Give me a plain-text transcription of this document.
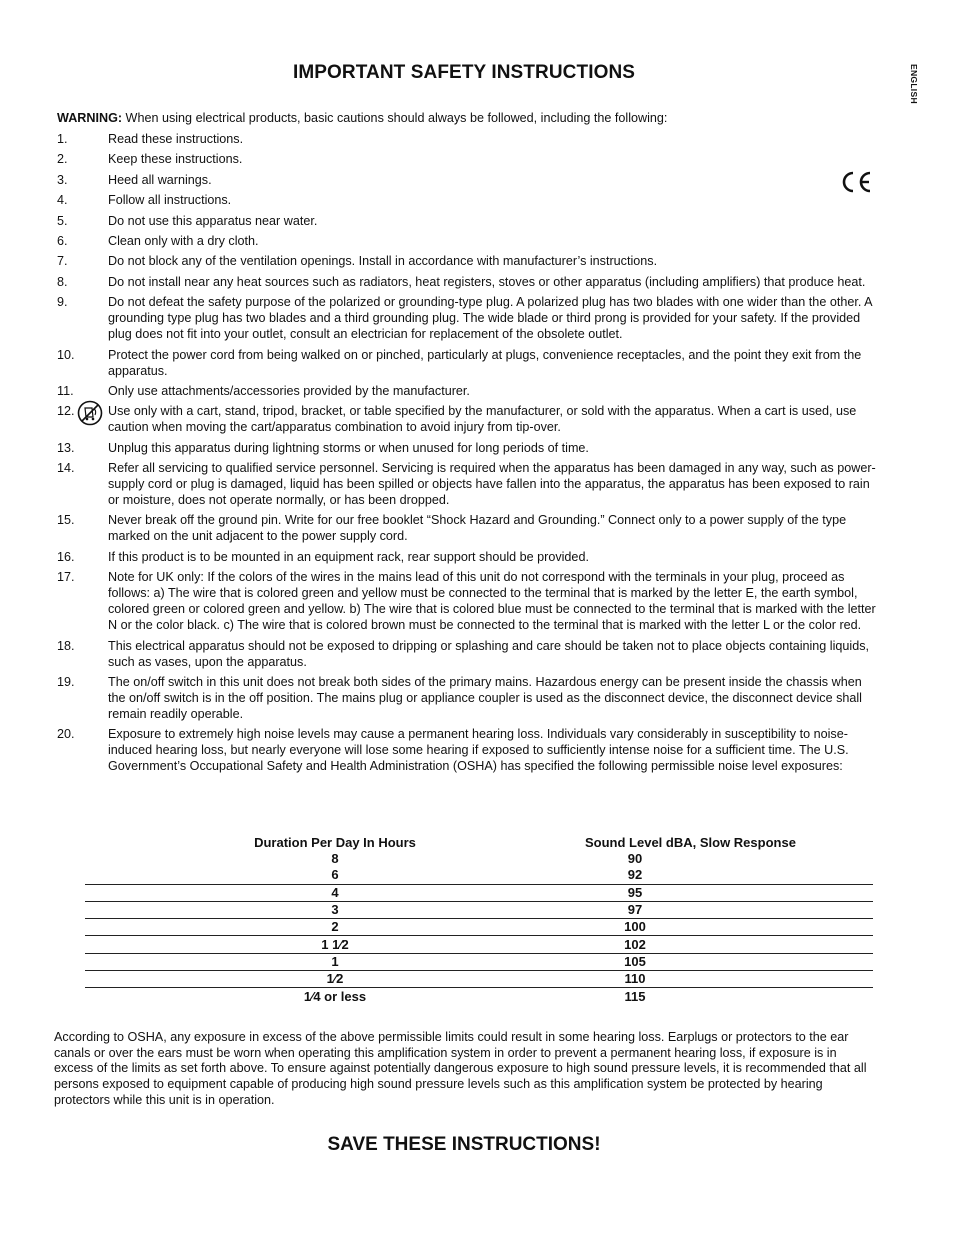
IMPORTANT SAFETY INSTRUCTIONS	ENGLISH
WARNING: When using electrical products, basic cautions should always be followed, including the following:
1.	Read these instructions.
2.	Keep these instructions.
3.	Heed all warnings.
4.	Follow all instructions.
5.	Do not use this apparatus near water.
6.	Clean only with a dry cloth.
7.	Do not block any of the ventilation openings. Install in accordance with manufacturer’s instructions.
8.	Do not install near any heat sources such as radiators, heat registers, stoves or other apparatus (including amplifiers) that produce heat.
9.	Do not defeat the safety purpose of the polarized or grounding-type plug. A polarized plug has two blades with one wider than the other. A grounding type plug has two blades and a third grounding plug. The wide blade or third prong is provided for your safety. If the provided plug does not fit into your outlet, consult an electrician for replacement of the obsolete outlet.
10.	Protect the power cord from being walked on or pinched, particularly at plugs, convenience receptacles, and the point they exit from the apparatus.
11.	Only use attachments/accessories provided by the manufacturer.
12.	Use only with a cart, stand, tripod, bracket, or table specified by the manufacturer, or sold with the apparatus. When a cart is used, use caution when moving the cart/apparatus combination to avoid injury from tip-over.
13.	Unplug this apparatus during lightning storms or when unused for long periods of time.
14.	Refer all servicing to qualified service personnel. Servicing is required when the apparatus has been damaged in any way, such as power-supply cord or plug is damaged, liquid has been spilled or objects have fallen into the apparatus, the apparatus has been exposed to rain or moisture, does not operate normally, or has been dropped.
15.	Never break off the ground pin. Write for our free booklet “Shock Hazard and Grounding.” Connect only to a power supply of the type marked on the unit adjacent to the power supply cord.
16.	If this product is to be mounted in an equipment rack, rear support should be provided.
17.	Note for UK only: If the colors of the wires in the mains lead of this unit do not correspond with the terminals in your plug, proceed as follows: a) The wire that is colored green and yellow must be connected to the terminal that is marked by the letter E, the earth symbol, colored green or colored green and yellow. b) The wire that is colored blue must be connected to the terminal that is marked with the letter N or the color black. c) The wire that is colored brown must be connected to the terminal that is marked with the letter L or the color red.
18.	This electrical apparatus should not be exposed to dripping or splashing and care should be taken not to place objects containing liquids, such as vases, upon the apparatus.
19.	The on/off switch in this unit does not break both sides of the primary mains. Hazardous energy can be present inside the chassis when the on/off switch is in the off position. The mains plug or appliance coupler is used as the disconnect device, the disconnect device shall remain readily operable.
20.	Exposure to extremely high noise levels may cause a permanent hearing loss. Individuals vary considerably in susceptibility to noise-induced hearing loss, but nearly everyone will lose some hearing if exposed to sufficiently intense noise for a sufficient time. The U.S. Government’s Occupational Safety and Health Administration (OSHA) has specified the following permissible noise level exposures:
Duration Per Day In Hours	Sound Level dBA, Slow Response
8	90
6	92
4	95
3	97
2	100
1 1⁄2	102
1	105
1⁄2	110
1⁄4 or less	115
According to OSHA, any exposure in excess of the above permissible limits could result in some hearing loss. Earplugs or protectors to the ear canals or over the ears must be worn when operating this amplification system in order to prevent a permanent hearing loss, if exposure is in excess of the limits as set forth above. To ensure against potentially dangerous exposure to high sound pressure levels, it is recommended that all persons exposed to equipment capable of producing high sound pressure levels such as this amplification system be protected by hearing protectors while this unit is in operation.
SAVE THESE INSTRUCTIONS!
